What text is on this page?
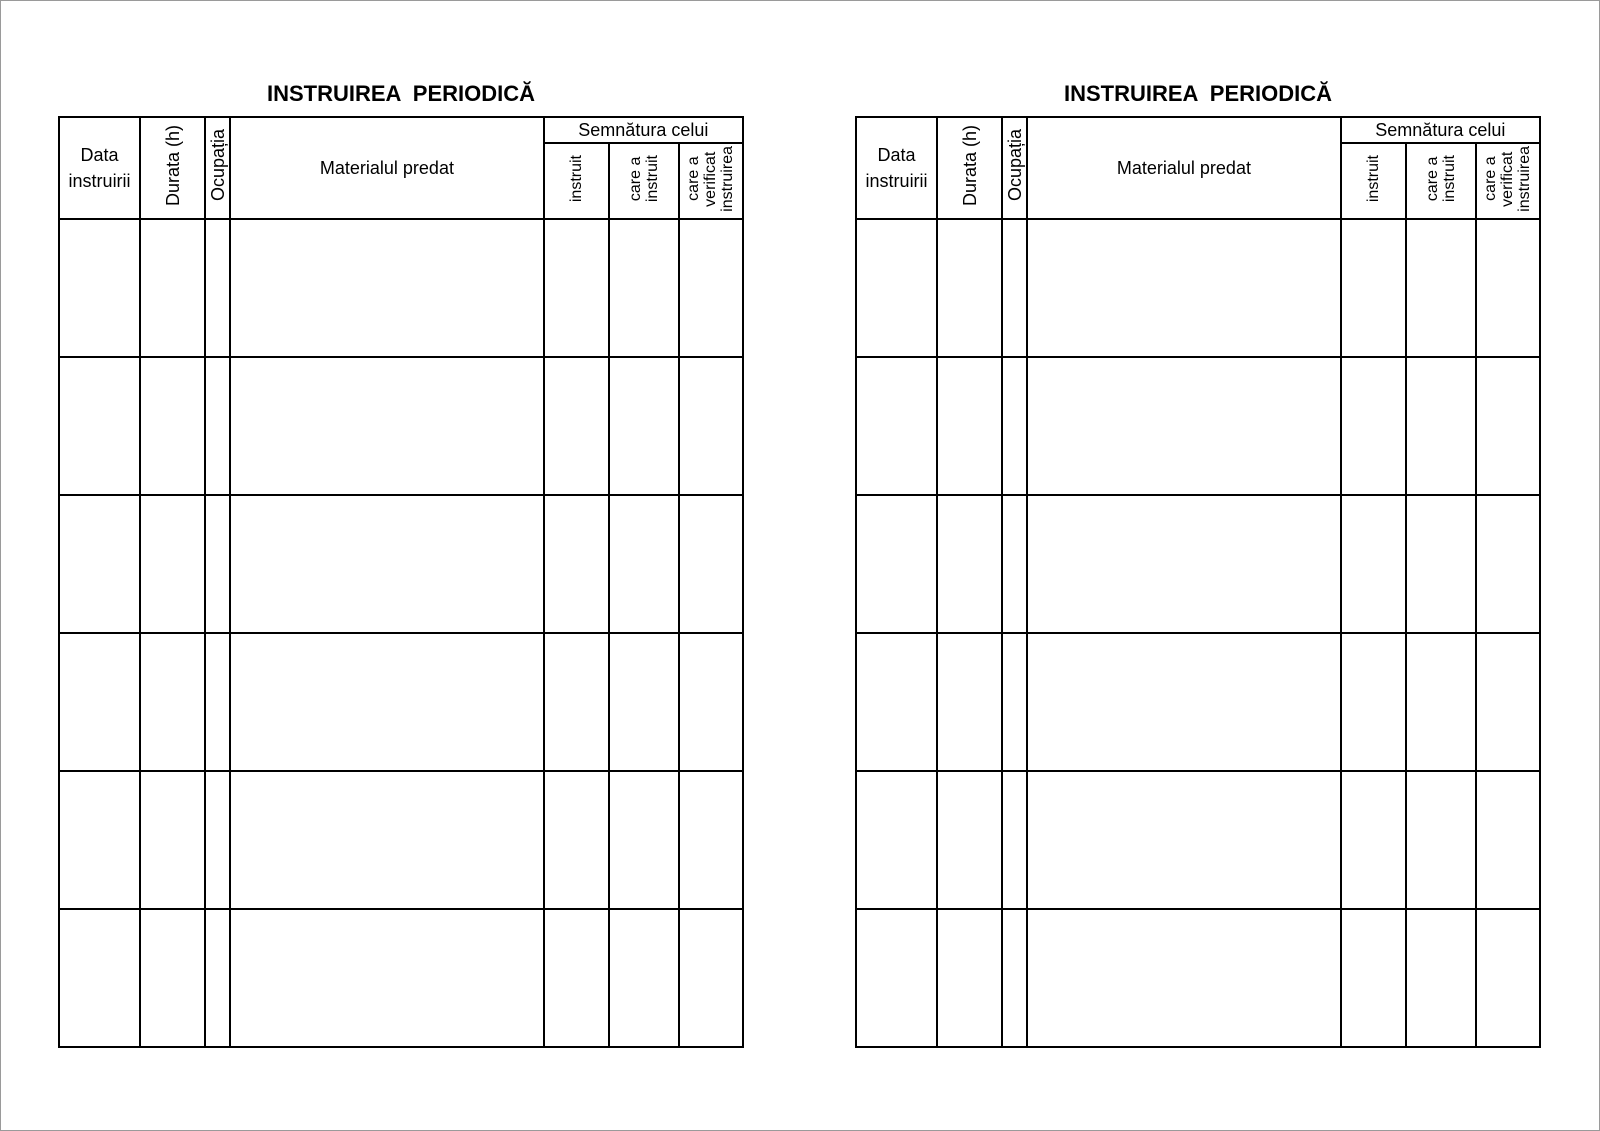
INSTRUIREA  PERIODICĂ
Data
instruirii	Durata (h)	Ocupația	Materialul predat	Semnătura celui		
				instruit	care a instruit	care a verificat instruirea

INSTRUIREA  PERIODICĂ
Data
instruirii	Durata (h)	Ocupația	Materialul predat	Semnătura celui		
				instruit	care a instruit	care a verificat instruirea
